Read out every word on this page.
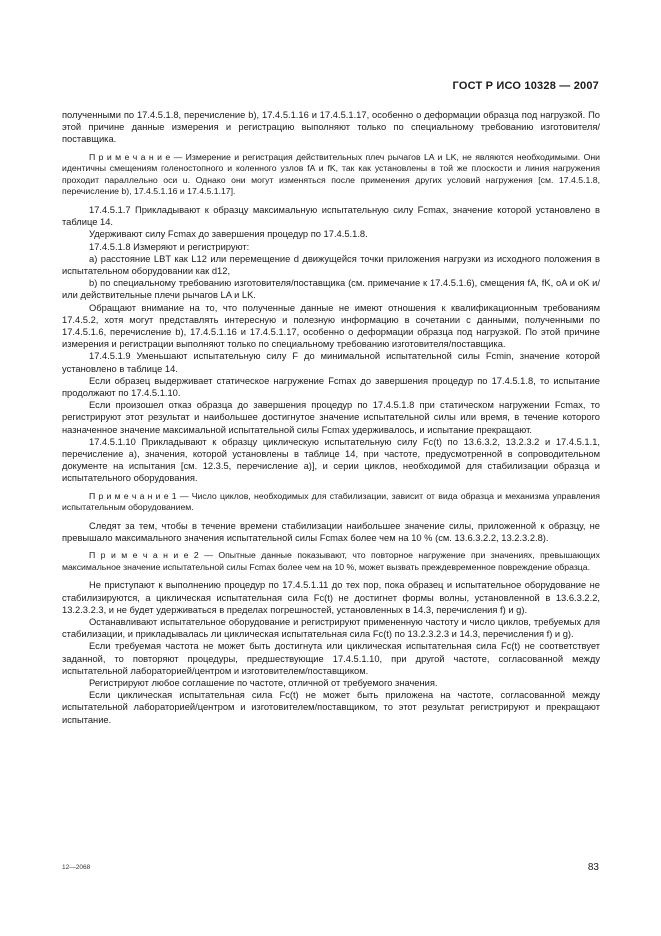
ГОСТ Р ИСО 10328 — 2007

полученными по 17.4.5.1.8, перечисление b), 17.4.5.1.16 и 17.4.5.1.17, особенно о деформации образца под нагрузкой. По этой причине данные измерения и регистрацию выполняют только по специальному требованию изготовителя/поставщика.

П р и м е ч а н и е — Измерение и регистрация действительных плеч рычагов LA и LK, не являются необходимыми. Они идентичны смещениям голеностопного и коленного узлов fA и fK, так как установлены в той же плоскости и линия нагружения проходит параллельно оси u. Однако они могут изменяться после применения других условий нагружения [см. 17.4.5.1.8, перечисление b), 17.4.5.1.16 и 17.4.5.1.17].

17.4.5.1.7 Прикладывают к образцу максимальную испытательную силу Fcmax, значение которой установлено в таблице 14.

Удерживают силу Fcmax до завершения процедур по 17.4.5.1.8.

17.4.5.1.8 Измеряют и регистрируют:

а) расстояние LBT как L12 или перемещение d движущейся точки приложения нагрузки из исходного положения в испытательном оборудовании как d12,

b) по специальному требованию изготовителя/поставщика (см. примечание к 17.4.5.1.6), смещения fA, fK, oA и oK и/или действительные плечи рычагов LA и LK.

Обращают внимание на то, что полученные данные не имеют отношения к квалификационным требованиям 17.4.5.2, хотя могут представлять интересную и полезную информацию в сочетании с данными, полученными по 17.4.5.1.6, перечисление b), 17.4.5.1.16 и 17.4.5.1.17, особенно о деформации образца под нагрузкой. По этой причине измерения и регистрации выполняют только по специальному требованию изготовителя/поставщика.

17.4.5.1.9 Уменьшают испытательную силу F до минимальной испытательной силы Fcmin, значение которой установлено в таблице 14.

Если образец выдерживает статическое нагружение Fcmax до завершения процедур по 17.4.5.1.8, то испытание продолжают по 17.4.5.1.10.

Если произошел отказ образца до завершения процедур по 17.4.5.1.8 при статическом нагружении Fcmax, то регистрируют этот результат и наибольшее достигнутое значение испытательной силы или время, в течение которого назначенное значение максимальной испытательной силы Fcmax удерживалось, и испытание прекращают.

17.4.5.1.10 Прикладывают к образцу циклическую испытательную силу Fc(t) по 13.6.3.2, 13.2.3.2 и 17.4.5.1.1, перечисление а), значения, которой установлены в таблице 14, при частоте, предусмотренной в сопроводительном документе на испытания [см. 12.3.5, перечисление а)], и серии циклов, необходимой для стабилизации образца и испытательного оборудования.

П р и м е ч а н и е 1 — Число циклов, необходимых для стабилизации, зависит от вида образца и механизма управления испытательным оборудованием.

Следят за тем, чтобы в течение времени стабилизации наибольшее значение силы, приложенной к образцу, не превышало максимального значения испытательной силы Fcmax более чем на 10 % (см. 13.6.3.2.2, 13.2.3.2.8).

П р и м е ч а н и е 2 — Опытные данные показывают, что повторное нагружение при значениях, превышающих максимальное значение испытательной силы Fcmax более чем на 10 %, может вызвать преждевременное повреждение образца.

Не приступают к выполнению процедур по 17.4.5.1.11 до тех пор, пока образец и испытательное оборудование не стабилизируются, а циклическая испытательная сила Fc(t) не достигнет формы волны, установленной в 13.6.3.2.2, 13.2.3.2.3, и не будет удерживаться в пределах погрешностей, установленных в 14.3, перечисления f) и g).

Останавливают испытательное оборудование и регистрируют примененную частоту и число циклов, требуемых для стабилизации, и прикладывалась ли циклическая испытательная сила Fc(t) по 13.2.3.2.3 и 14.3, перечисления f) и g).

Если требуемая частота не может быть достигнута или циклическая испытательная сила Fc(t) не соответствует заданной, то повторяют процедуры, предшествующие 17.4.5.1.10, при другой частоте, согласованной между испытательной лабораторией/центром и изготовителем/поставщиком.

Регистрируют любое соглашение по частоте, отличной от требуемого значения.

Если циклическая испытательная сила Fc(t) не может быть приложена на частоте, согласованной между испытательной лабораторией/центром и изготовителем/поставщиком, то этот результат регистрируют и прекращают испытание.

12—2068	83
